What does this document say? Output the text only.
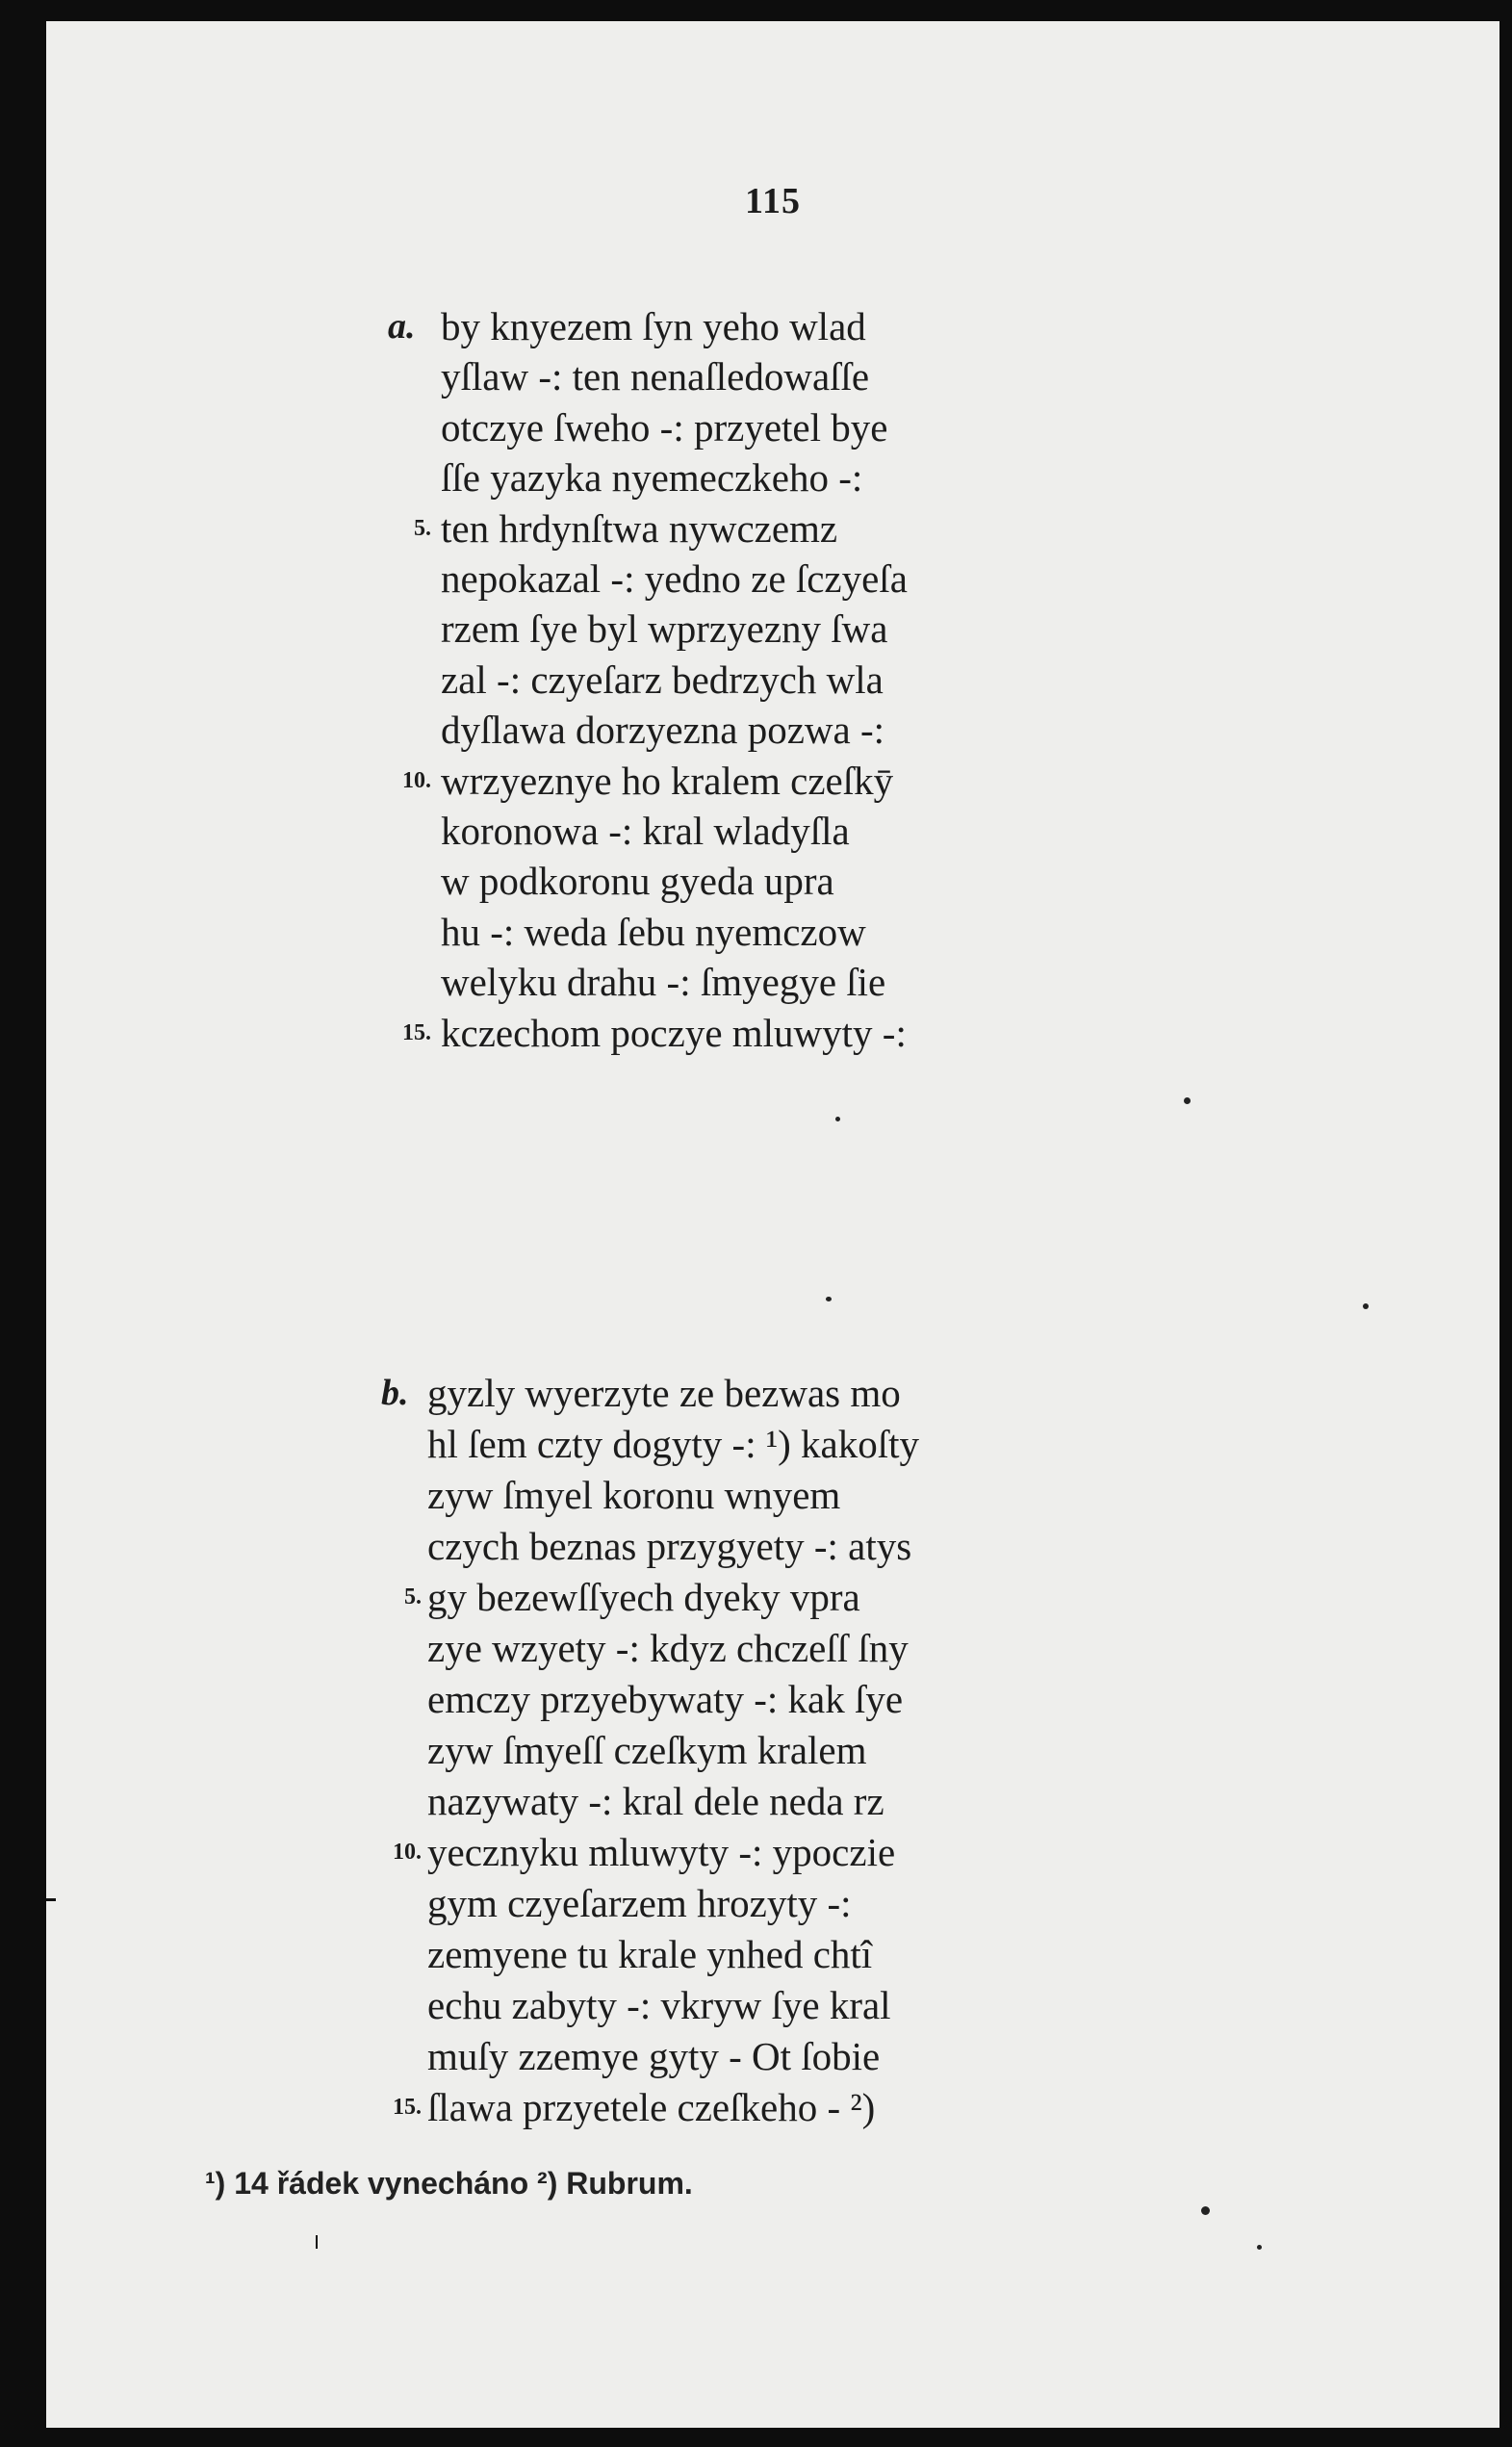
115
a. by knyezem ſyn yeho wlad
yſlaw -: ten nenaſledowaſſe
otczye ſweho -: przyetel bye
ſſe yazyka nyemeczkeho -:
ten hrdynſtwa nywczemz
5.
nepokazal -: yedno ze ſczyeſa
rzem ſye byl wprzyezny ſwa
zal -: czyeſarz bedrzych wla
dyſlawa dorzyezna pozwa -:
wrzyeznye ho kralem czeſkȳ
10.
koronowa -: kral wladyſla
w podkoronu gyeda upra
hu -: weda ſebu nyemczow
welyku drahu -: ſmyegye ſie
kczechom poczye mluwyty -:
15.
b. gyzly wyerzyte ze bezwas mo
hl ſem czty dogyty -: ¹) kakoſty
zyw ſmyel koronu wnyem
czych beznas przygyety -: atys
gy bezewſſyech dyeky vpra
5.
zye wzyety -: kdyz chczeſſ ſny
emczy przyebywaty -: kak ſye
zyw ſmyeſſ czeſkym kralem
nazywaty -: kral dele neda rz
yecznyku mluwyty -: ypoczie
10.
gym czyeſarzem hrozyty -:
zemyene tu krale ynhed chtî
echu zabyty -: vkryw ſye kral
muſy zzemye gyty - Ot ſobie
ſlawa przyetele czeſkeho - ²)
15.
¹) 14 řádek vynecháno ²) Rubrum.
